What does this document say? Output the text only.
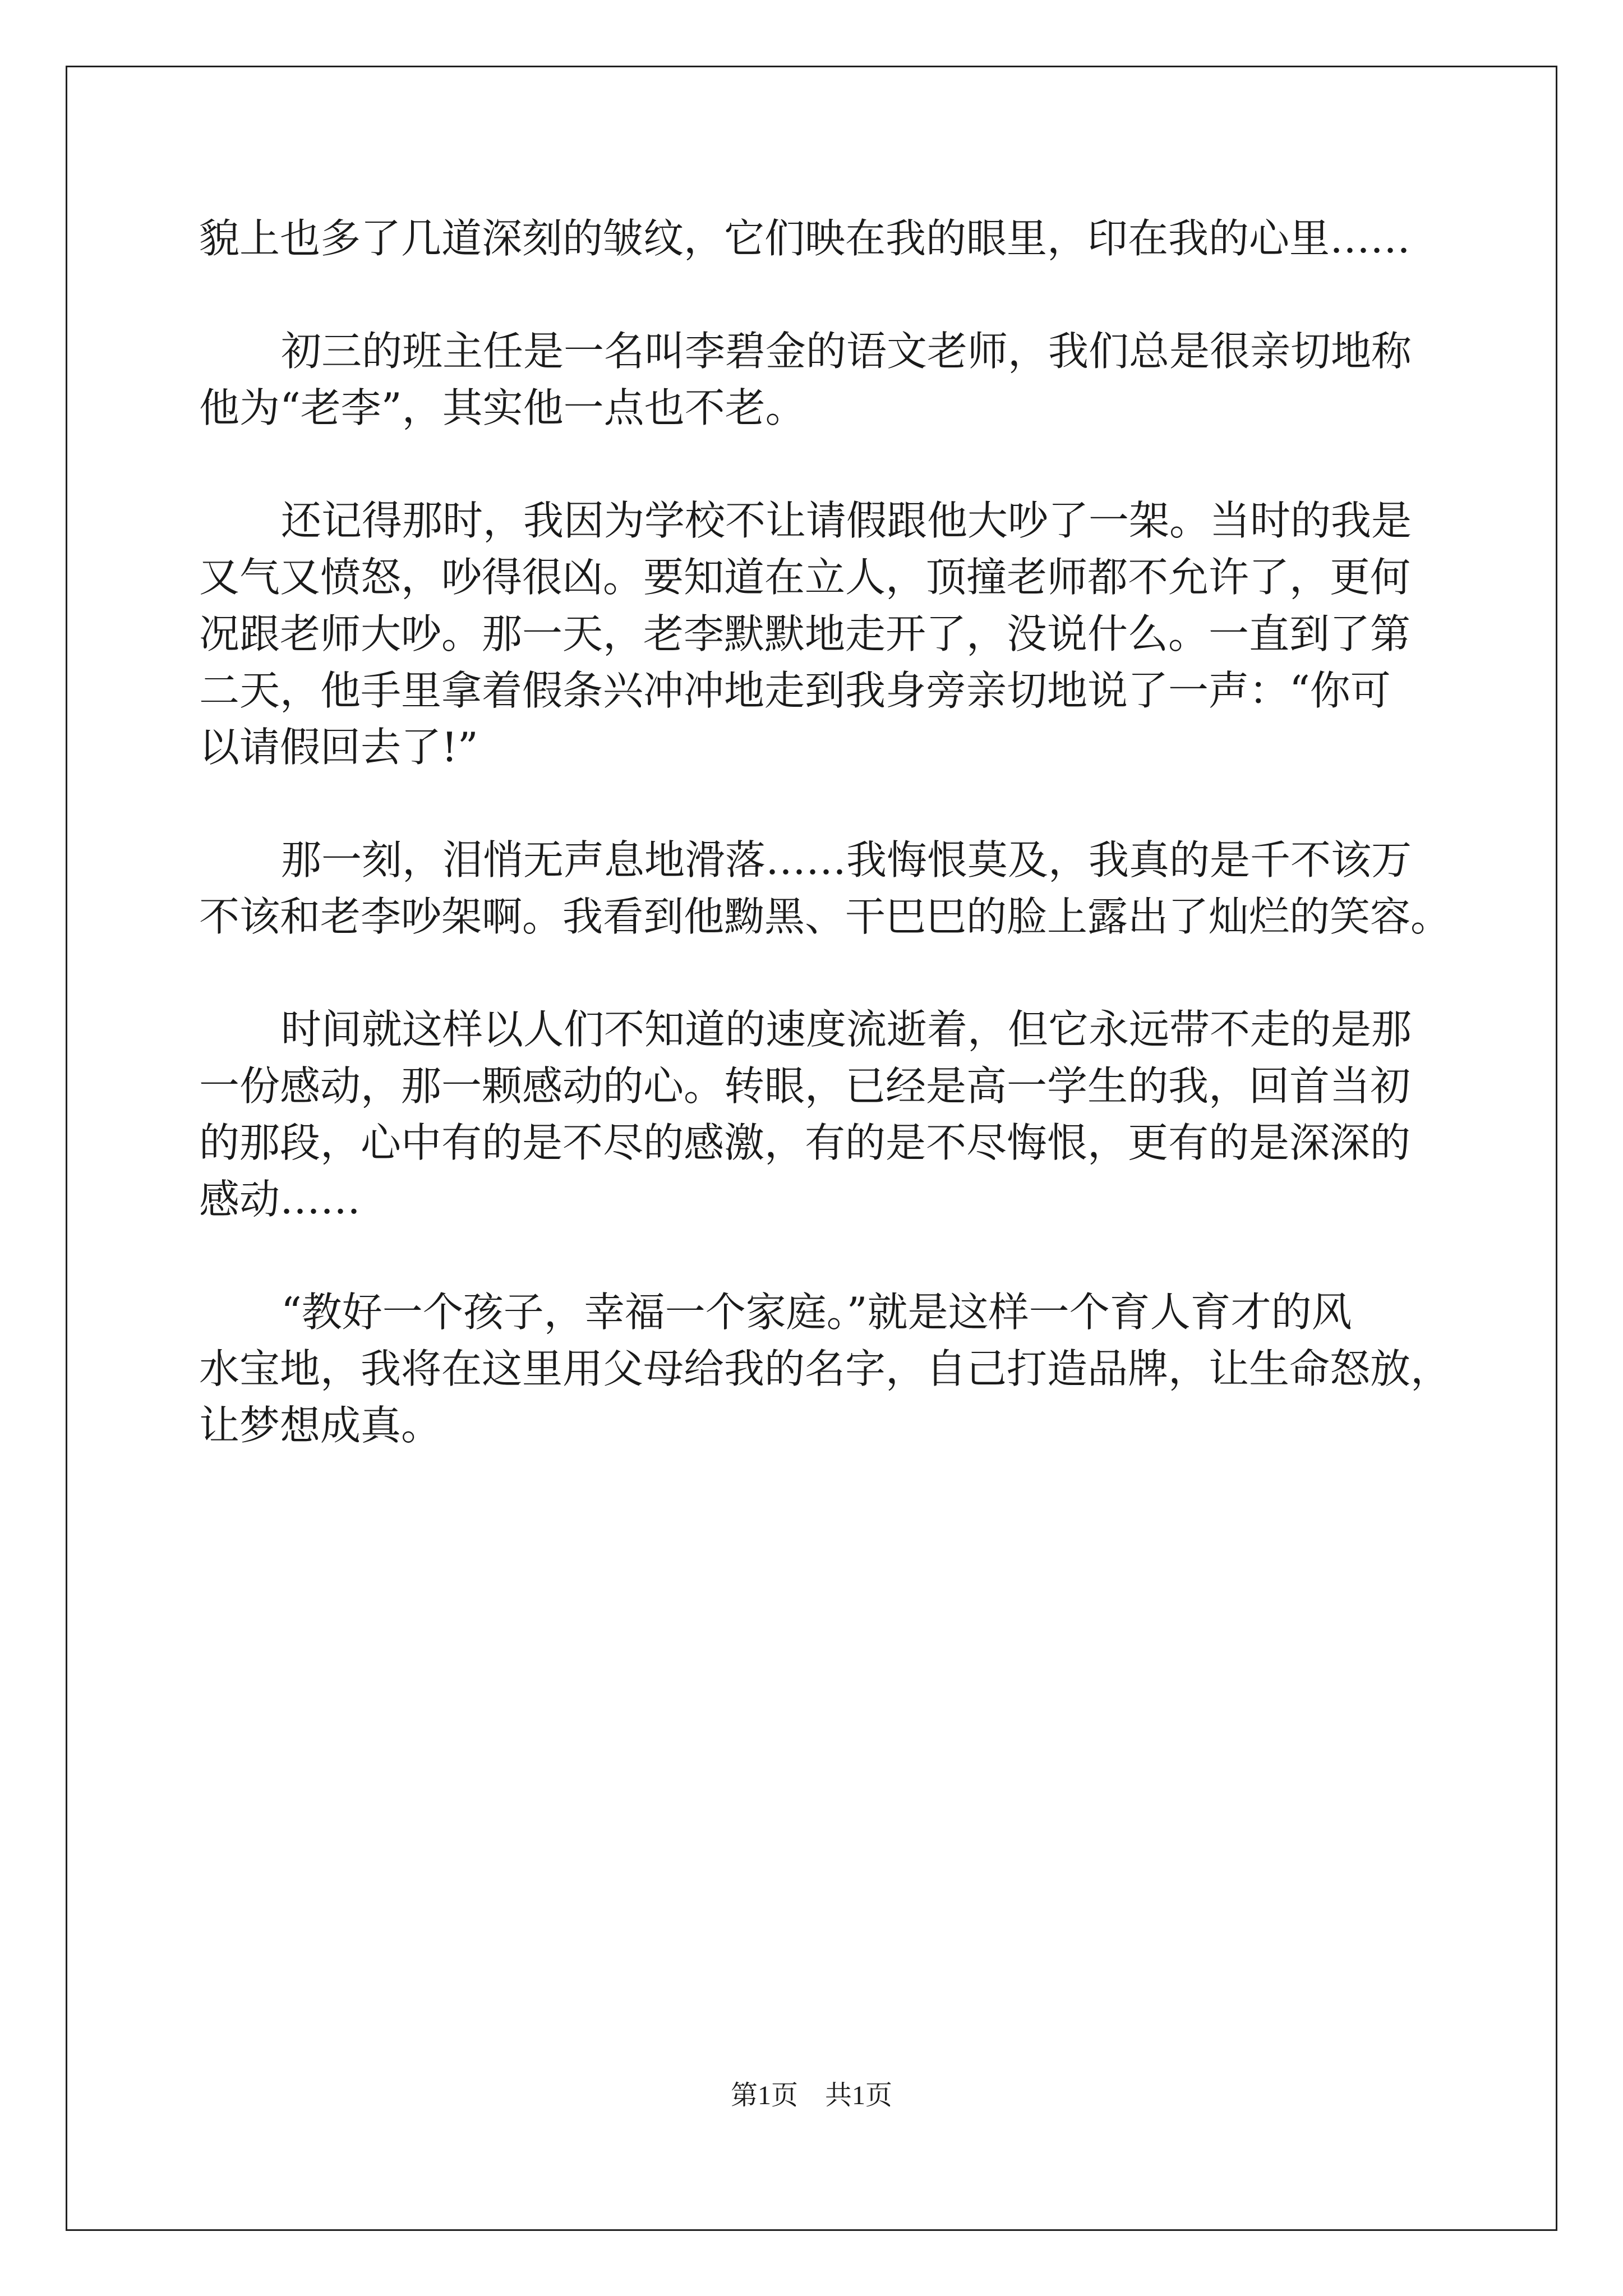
貌上也多了几道深刻的皱纹，它们映在我的眼里，印在我的心里……

初三的班主任是一名叫李碧金的语文老师，我们总是很亲切地称

他为“老李”，其实他一点也不老。

还记得那时，我因为学校不让请假跟他大吵了一架。当时的我是

又气又愤怒，吵得很凶。要知道在立人，顶撞老师都不允许了，更何

况跟老师大吵。那一天，老李默默地走开了，没说什么。一直到了第

二天，他手里拿着假条兴冲冲地走到我身旁亲切地说了一声：“你可

以请假回去了!”

那一刻，泪悄无声息地滑落……我悔恨莫及，我真的是千不该万

不该和老李吵架啊。我看到他黝黑、干巴巴的脸上露出了灿烂的笑容。

时间就这样以人们不知道的速度流逝着，但它永远带不走的是那

一份感动，那一颗感动的心。转眼，已经是高一学生的我，回首当初

的那段，心中有的是不尽的感激，有的是不尽悔恨，更有的是深深的

感动……

“教好一个孩子，幸福一个家庭。”就是这样一个育人育才的风

水宝地，我将在这里用父母给我的名字，自己打造品牌，让生命怒放，

让梦想成真。

第1页 共1页
